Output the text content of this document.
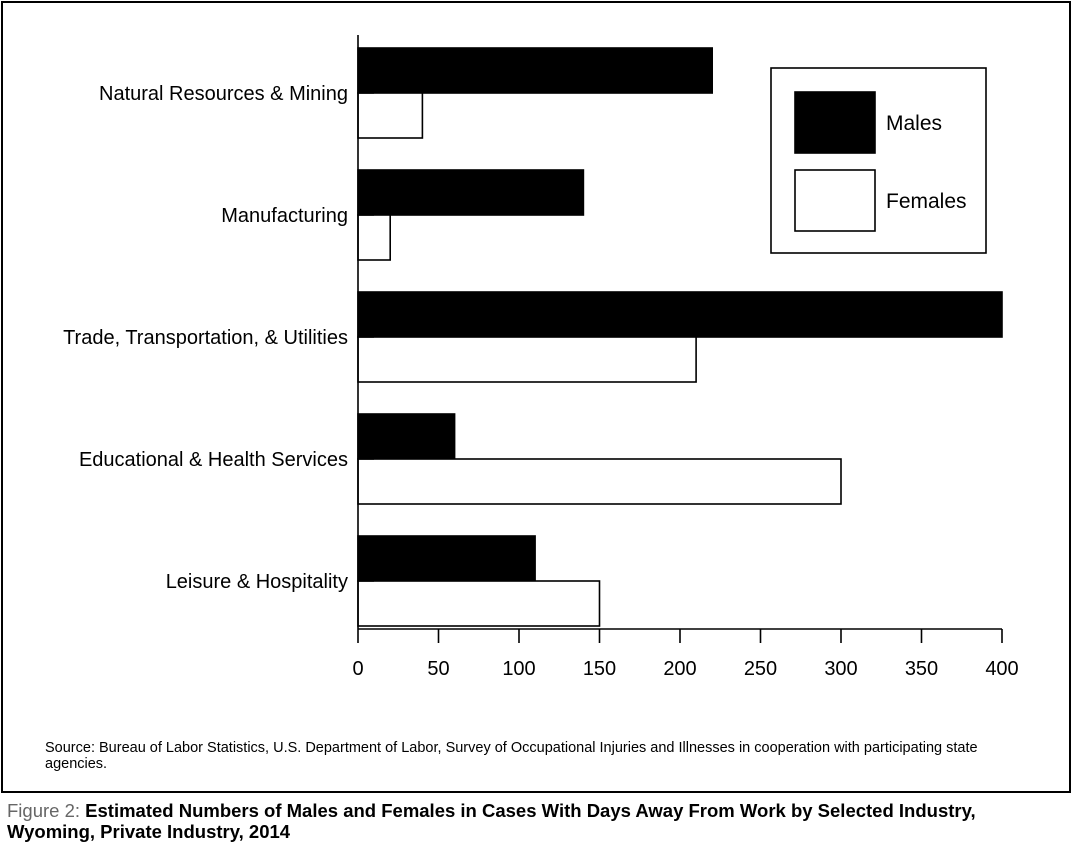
Natural Resources & Mining
Manufacturing
Trade, Transportation, & Utilities
Educational & Health Services
Leisure & Hospitality
0	50	100 150 200 250 300 350 400
Males
Females
Source: Bureau of Labor Statistics, U.S. Department of Labor, Survey of Occupational Injuries and Illnesses in cooperation with participating state agencies.
Figure 2: Estimated Numbers of Males and Females in Cases With Days Away From Work by Selected Industry, Wyoming, Private Industry, 2014
